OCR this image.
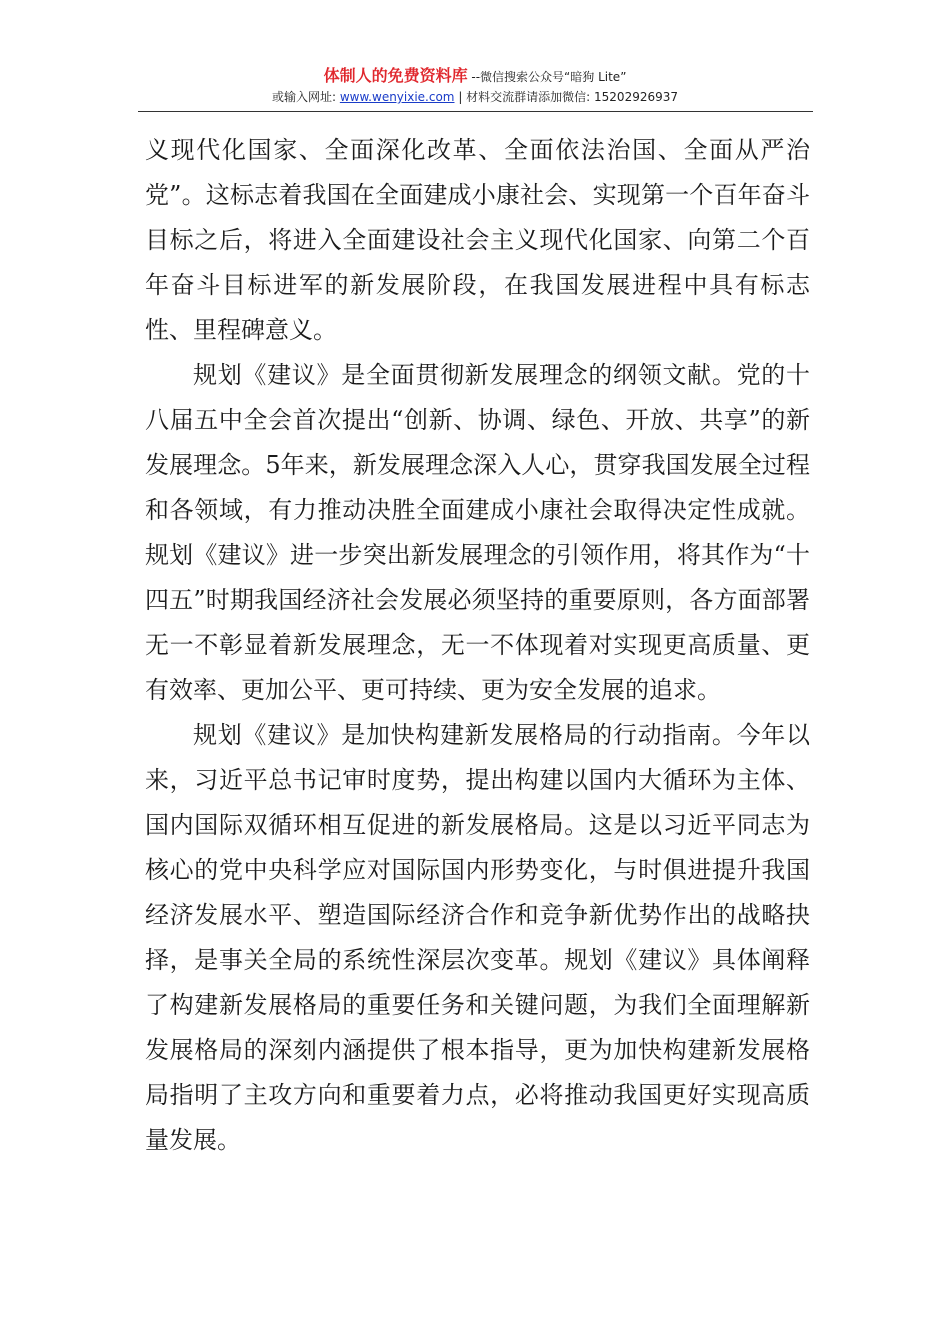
体制人的免费资料库 --微信搜索公众号“暗狗 Lite”
或输入网址: www.wenyixie.com | 材料交流群请添加微信: 15202926937

义现代化国家、全面深化改革、全面依法治国、全面从严治党”。这标志着我国在全面建成小康社会、实现第一个百年奋斗目标之后，将进入全面建设社会主义现代化国家、向第二个百年奋斗目标进军的新发展阶段，在我国发展进程中具有标志性、里程碑意义。

规划《建议》是全面贯彻新发展理念的纲领文献。党的十八届五中全会首次提出“创新、协调、绿色、开放、共享”的新发展理念。5年来，新发展理念深入人心，贯穿我国发展全过程和各领域，有力推动决胜全面建成小康社会取得决定性成就。规划《建议》进一步突出新发展理念的引领作用，将其作为“十四五”时期我国经济社会发展必须坚持的重要原则，各方面部署无一不彰显着新发展理念，无一不体现着对实现更高质量、更有效率、更加公平、更可持续、更为安全发展的追求。

规划《建议》是加快构建新发展格局的行动指南。今年以来，习近平总书记审时度势，提出构建以国内大循环为主体、国内国际双循环相互促进的新发展格局。这是以习近平同志为核心的党中央科学应对国际国内形势变化，与时俱进提升我国经济发展水平、塑造国际经济合作和竞争新优势作出的战略抉择，是事关全局的系统性深层次变革。规划《建议》具体阐释了构建新发展格局的重要任务和关键问题，为我们全面理解新发展格局的深刻内涵提供了根本指导，更为加快构建新发展格局指明了主攻方向和重要着力点，必将推动我国更好实现高质量发展。
